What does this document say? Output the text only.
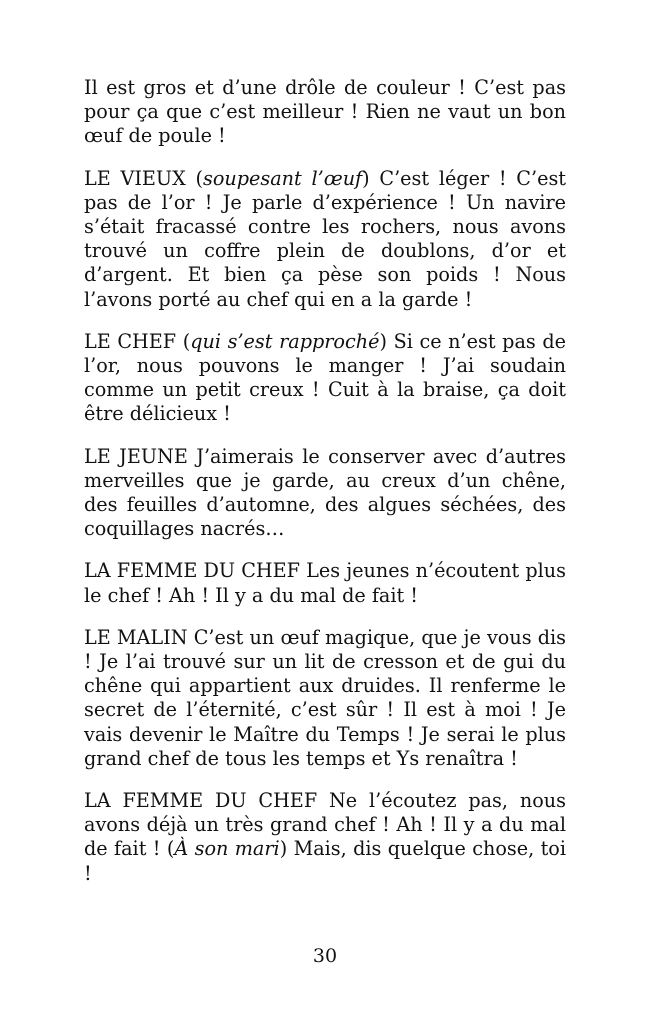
Il est gros et d’une drôle de couleur ! C’est pas pour ça que c’est meilleur ! Rien ne vaut un bon œuf de poule !

LE VIEUX (soupesant l’œuf) C’est léger ! C’est pas de l’or ! Je parle d’expérience ! Un navire s’était fracassé contre les rochers, nous avons trouvé un coffre plein de doublons, d’or et d’argent. Et bien ça pèse son poids ! Nous l’avons porté au chef qui en a la garde !

LE CHEF (qui s’est rapproché) Si ce n’est pas de l’or, nous pouvons le manger ! J’ai soudain comme un petit creux ! Cuit à la braise, ça doit être délicieux !

LE JEUNE J’aimerais le conserver avec d’autres merveilles que je garde, au creux d’un chêne, des feuilles d’automne, des algues séchées, des coquillages nacrés…

LA FEMME DU CHEF Les jeunes n’écoutent plus le chef ! Ah ! Il y a du mal de fait !

LE MALIN C’est un œuf magique, que je vous dis ! Je l’ai trouvé sur un lit de cresson et de gui du chêne qui appartient aux druides. Il renferme le secret de l’éternité, c’est sûr ! Il est à moi ! Je vais devenir le Maître du Temps ! Je serai le plus grand chef de tous les temps et Ys renaîtra !

LA FEMME DU CHEF Ne l’écoutez pas, nous avons déjà un très grand chef ! Ah ! Il y a du mal de fait ! (À son mari) Mais, dis quelque chose, toi !

30
